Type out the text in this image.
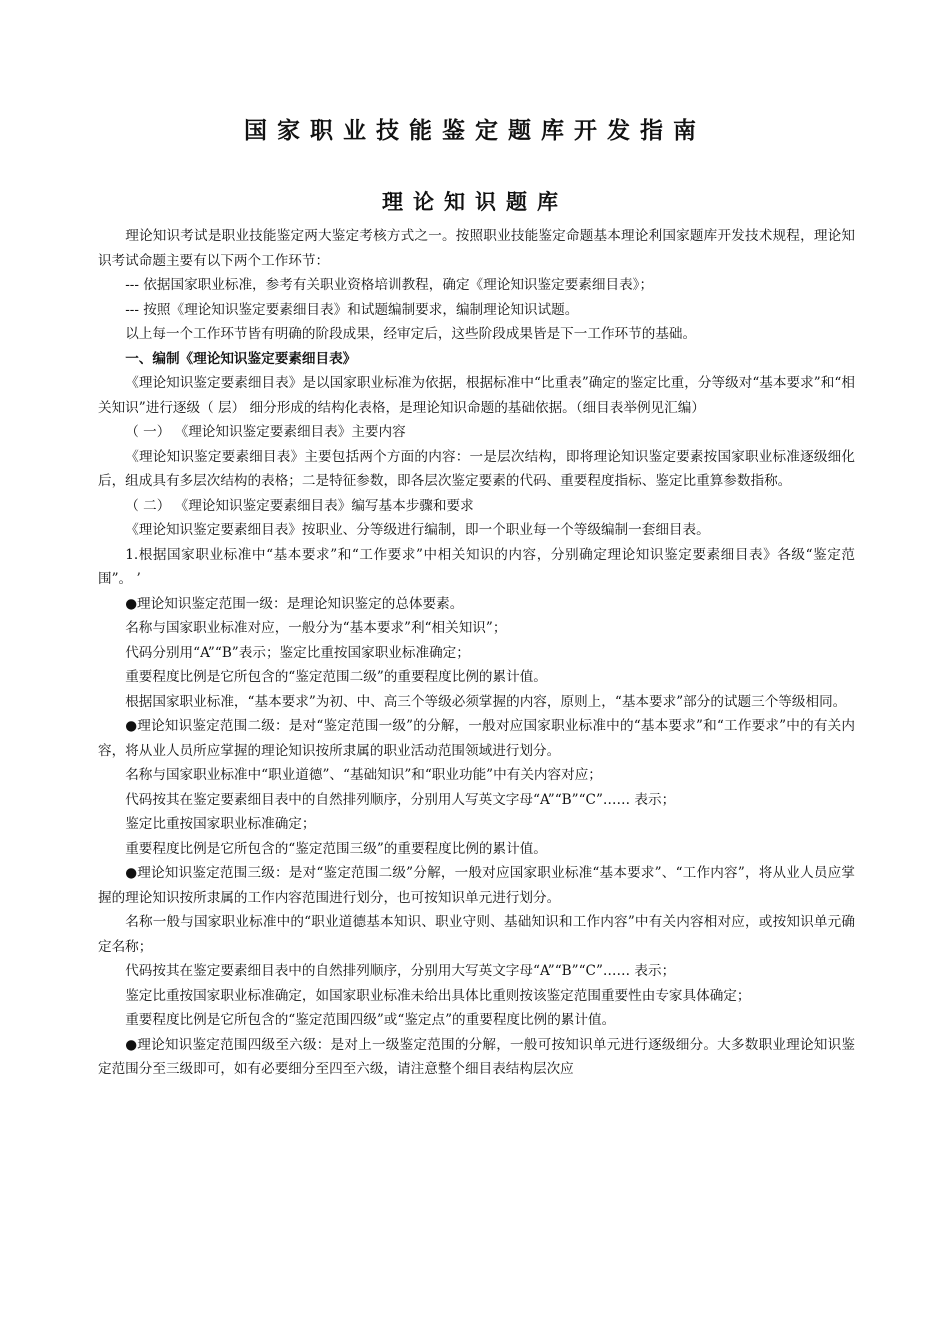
国家职业技能鉴定题库开发指南
理论知识题库

理论知识考试是职业技能鉴定两大鉴定考核方式之一。按照职业技能鉴定命题基本理论利国家题库开发技术规程，理论知识考试命题主要有以下两个工作环节：

--- 依据国家职业标准，参考有关职业资格培训教程，确定《理论知识鉴定要素细目表》；

--- 按照《理论知识鉴定要素细目表》和试题编制要求，编制理论知识试题。

以上每一个工作环节皆有明确的阶段成果，经审定后，这些阶段成果皆是下一工作环节的基础。

一、编制《理论知识鉴定要素细目表》

《理论知识鉴定要素细目表》是以国家职业标准为依据，根据标准中“比重表”确定的鉴定比重，分等级对“基本要求”和“相关知识”进行逐级（ 层） 细分形成的结构化表格，是理论知识命题的基础依据。（细目表举例见汇编）

（ 一） 《理论知识鉴定要素细目表》主要内容

《理论知识鉴定要素细目表》主要包括两个方面的内容：一是层次结构，即将理论知识鉴定要素按国家职业标准逐级细化后，组成具有多层次结构的表格；二是特征参数，即各层次鉴定要素的代码、重要程度指标、鉴定比重算参数指称。

（ 二） 《理论知识鉴定要素细目表》编写基本步骤和要求

《理论知识鉴定要素细目表》按职业、分等级进行编制，即一个职业每一个等级编制一套细目表。

1.根据国家职业标准中“基本要求”和“工作要求”中相关知识的内容，分别确定理论知识鉴定要素细目表》各级“鉴定范围”。 ’

●理论知识鉴定范围一级：是理论知识鉴定的总体要素。

名称与国家职业标准对应，一般分为“基本要求”利“相关知识”；

代码分别用“A”“B”表示；鉴定比重按国家职业标准确定；

重要程度比例是它所包含的“鉴定范围二级”的重要程度比例的累计值。

根据国家职业标准，“基本要求”为初、中、高三个等级必须掌握的内容，原则上，“基本要求”部分的试题三个等级相同。

●理论知识鉴定范围二级：是对“鉴定范围一级”的分解，一般对应国家职业标准中的“基本要求”和“工作要求”中的有关内容，将从业人员所应掌握的理论知识按所隶属的职业活动范围领域进行划分。

名称与国家职业标准中“职业道德”、“基础知识”和“职业功能”中有关内容对应；

代码按其在鉴定要素细目表中的自然排列顺序，分别用人写英文字母“A”“B”“C”…… 表示；

鉴定比重按国家职业标准确定；

重要程度比例是它所包含的“鉴定范围三级”的重要程度比例的累计值。

●理论知识鉴定范围三级：是对“鉴定范围二级”分解，一般对应国家职业标准“基本要求”、“工作内容”，将从业人员应掌握的理论知识按所隶属的工作内容范围进行划分，也可按知识单元进行划分。

名称一般与国家职业标准中的“职业道德基本知识、职业守则、基础知识和工作内容”中有关内容相对应，或按知识单元确定名称；

代码按其在鉴定要素细目表中的自然排列顺序，分别用大写英文字母“A”“B”“C”…… 表示；

鉴定比重按国家职业标准确定，如国家职业标准未给出具体比重则按该鉴定范围重要性由专家具体确定；

重要程度比例是它所包含的“鉴定范围四级”或“鉴定点”的重要程度比例的累计值。

●理论知识鉴定范围四级至六级：是对上一级鉴定范围的分解，一般可按知识单元进行逐级细分。大多数职业理论知识鉴定范围分至三级即可，如有必要细分至四至六级，请注意整个细目表结构层次应
